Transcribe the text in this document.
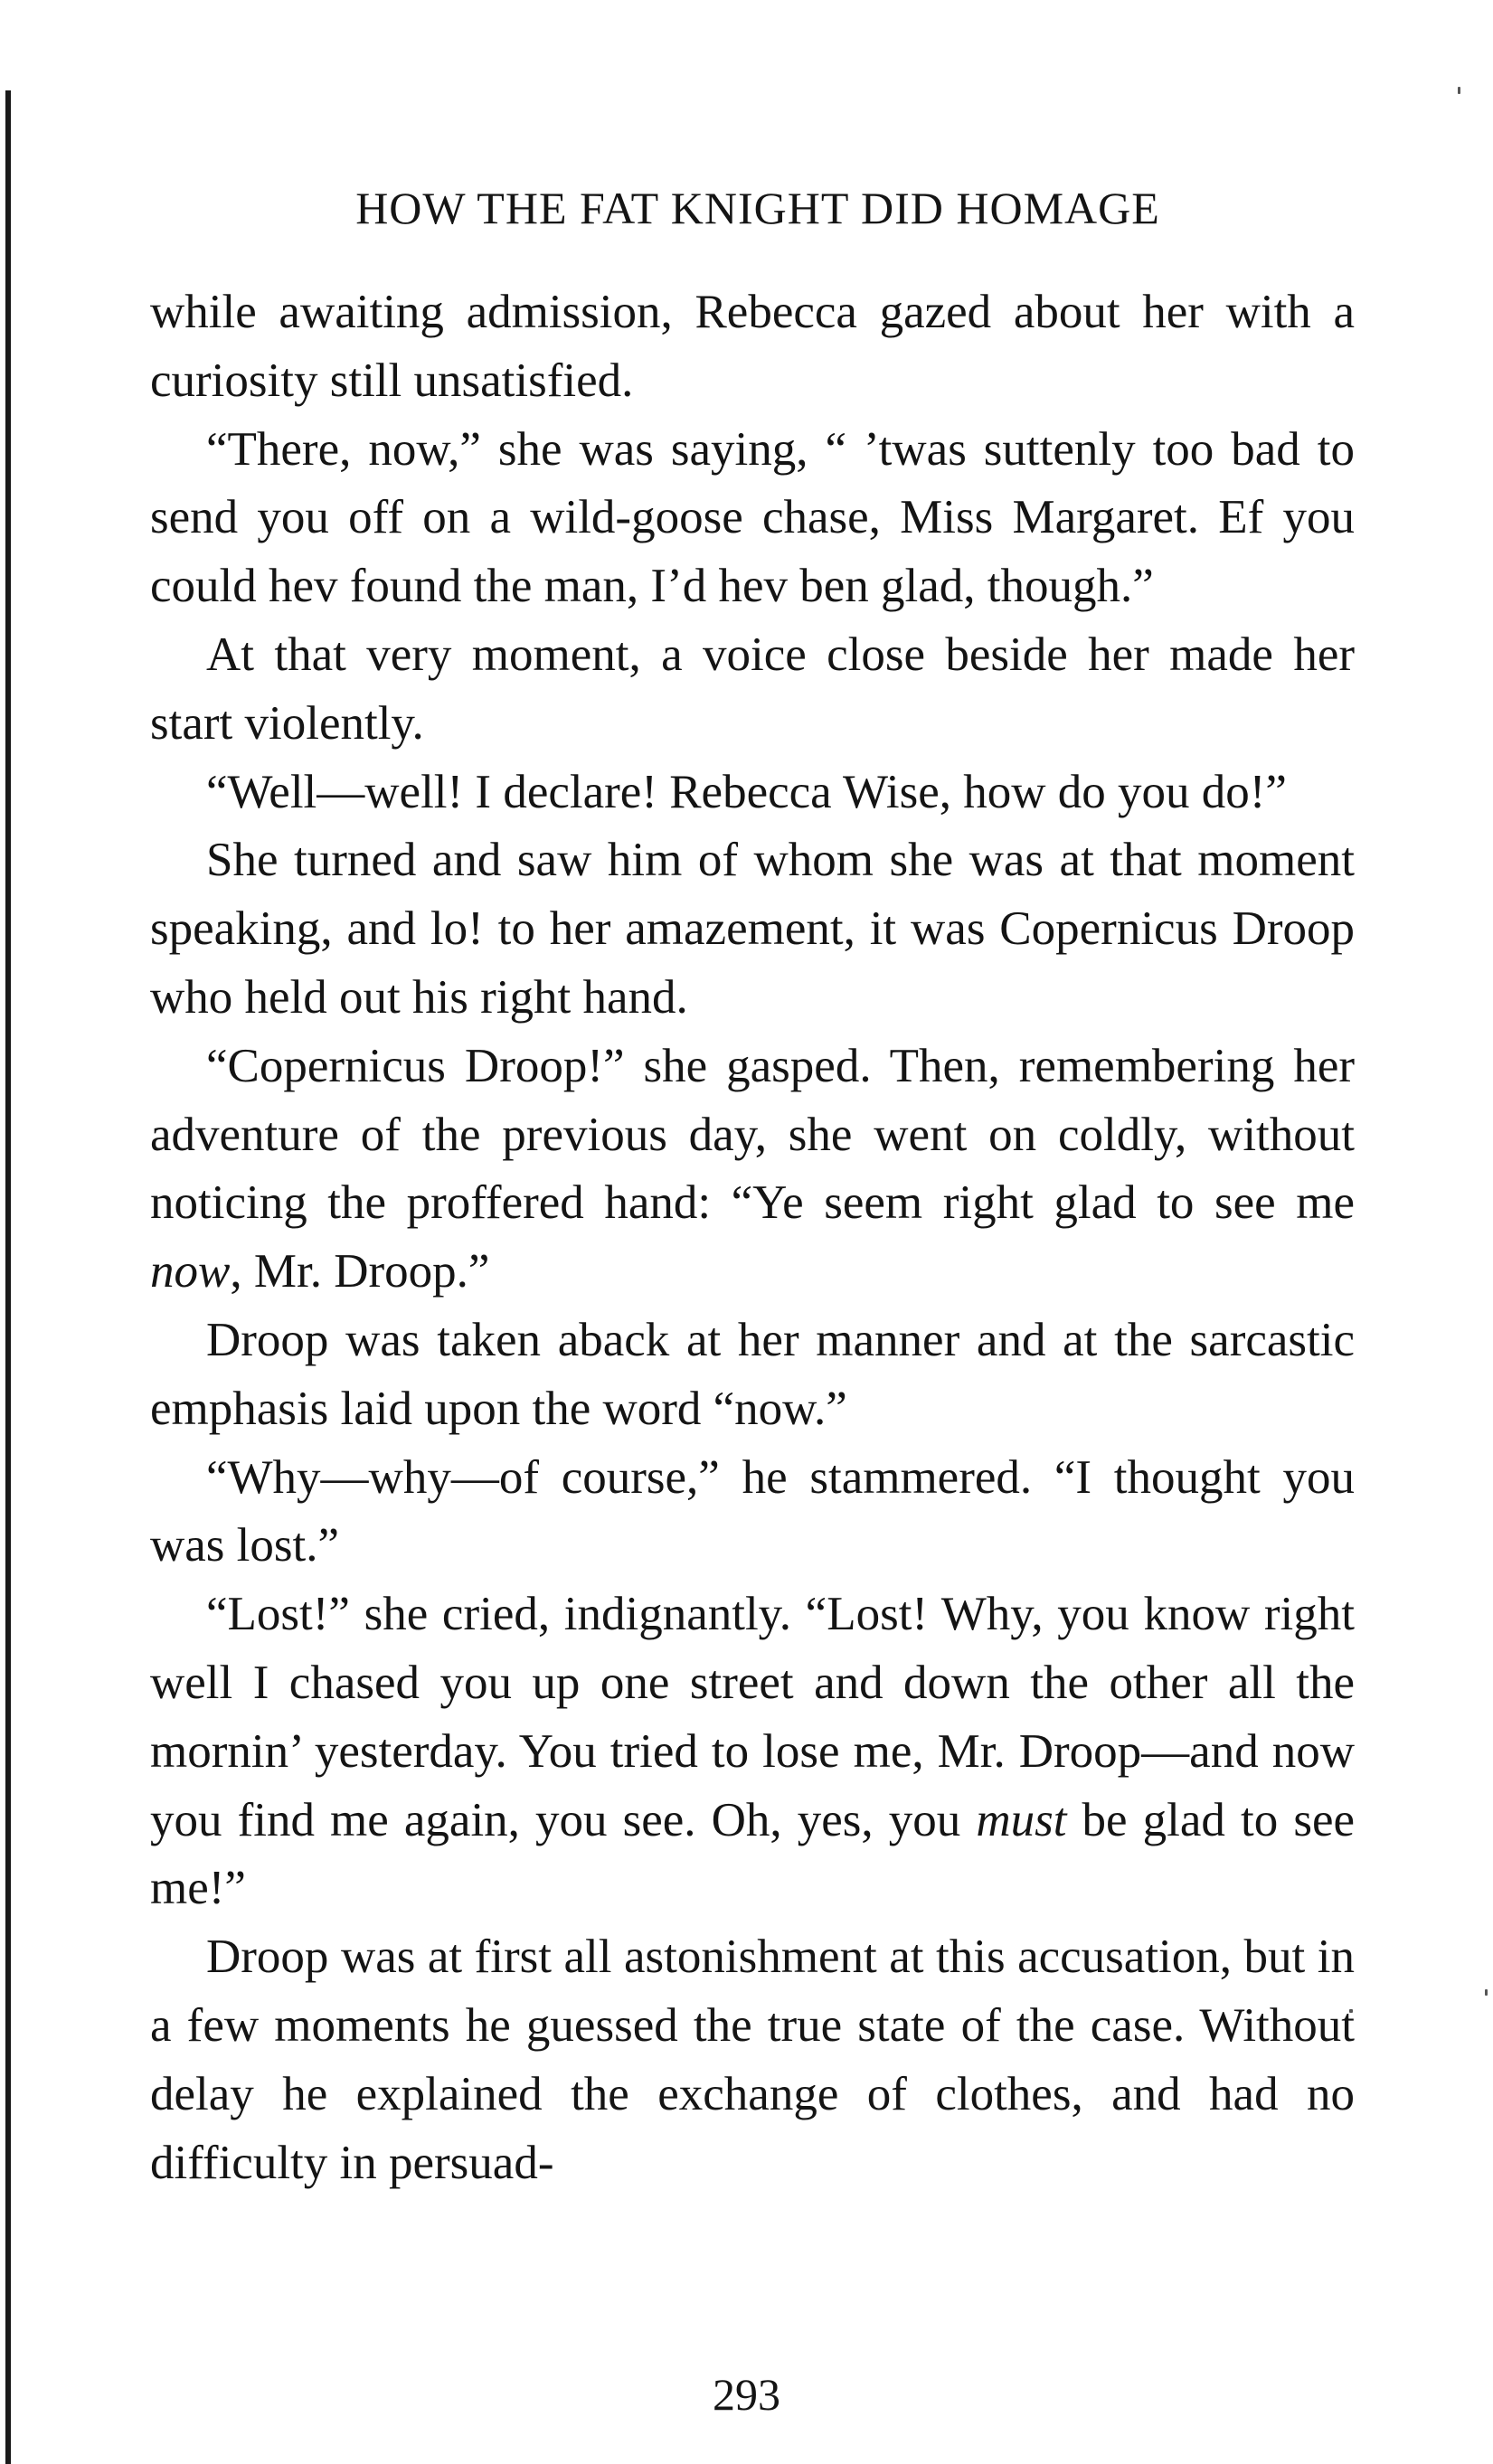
HOW THE FAT KNIGHT DID HOMAGE

while awaiting admission, Rebecca gazed about her with a curiosity still unsatisfied.

“There, now,” she was saying, “ ’twas suttenly too bad to send you off on a wild-goose chase, Miss Margaret. Ef you could hev found the man, I’d hev ben glad, though.”

At that very moment, a voice close beside her made her start violently.

“Well—well! I declare! Rebecca Wise, how do you do!”

She turned and saw him of whom she was at that moment speaking, and lo! to her amazement, it was Copernicus Droop who held out his right hand.

“Copernicus Droop!” she gasped. Then, remembering her adventure of the previous day, she went on coldly, without noticing the proffered hand: “Ye seem right glad to see me now, Mr. Droop.”

Droop was taken aback at her manner and at the sarcastic emphasis laid upon the word “now.”

“Why—why—of course,” he stammered. “I thought you was lost.”

“Lost!” she cried, indignantly. “Lost! Why, you know right well I chased you up one street and down the other all the mornin’ yesterday. You tried to lose me, Mr. Droop—and now you find me again, you see. Oh, yes, you must be glad to see me!”

Droop was at first all astonishment at this accusation, but in a few moments he guessed the true state of the case. Without delay he explained the exchange of clothes, and had no difficulty in persuad-

293
